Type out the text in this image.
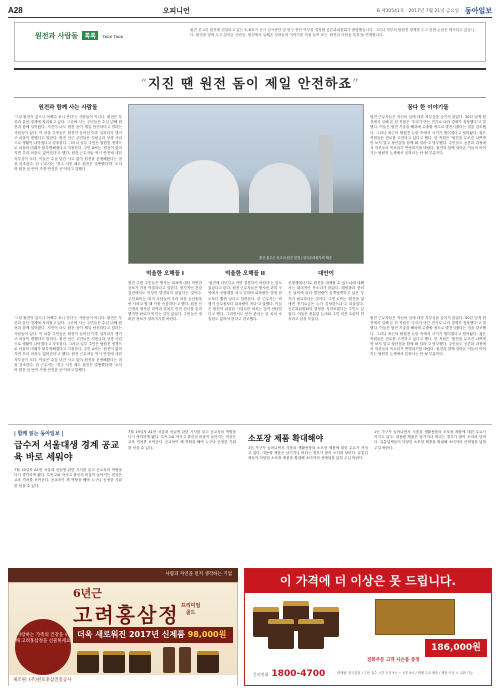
A28	오피니언	B 제30541호 · 2017년 7월 21일 금요일 동아일보
원전과 사람들 톡톡 TALK TALK
원전 신고리 원전에 건설되고 있는 5, 6호기 공사 일시중단 및 영구 중단 여부를 결정할 공론화위원회가 출범했습니다. 그러나 정부의 탈원전 정책을 두고 찬반 논란은 계속되고 있습니다. 원전을 옆에 두고 살아온 사람들, 원전에서 일해온 사람들의 이야기를 직접 들어 보는 '원전과 사람들 톡톡'을 연재합니다.
“지진 땐 원전 돔이 제일 안전하죠”
원전과 함께 사는 사람들
'그냥 원전이 있으니 어쩌다 보니 산다'는 사람들이 아니다. 원전은 부산과 울산 경계에 자리잡고 있다. 그곳에 사는 주민들은 수십 년째 원전과 함께 살아왔다. 지진이 나도 원전 돔이 제일 안전하다고 말하는 사람들이 있다. 이 마을 주민들은 원전이 들어선 이후 일자리가 생기고 마을이 변했다고 말한다. 원전 인근 주민들은 지원금과 상생 사업으로 생활이 나아졌다고 강조한다. 그러나 일부 주민은 탈원전 정책으로 마을의 미래가 불투명해졌다고 걱정한다. 주민 A씨는 '원전이 없어지면 우리 마을도 없어진다'고 했다. 원전 근무자들 역시 안전에 대한 자부심이 크다. 이들은 수십 년간 사고 없이 원전을 운영해왔다는 점을 강조한다. 한 근무자는 '경주 지진 때도 원전은 멀쩡했다'며 '오히려 원전 돔 안이 가장 안전한 곳'이라고 말했다.
울산 울주군 신고리 원전 전경 / 한국수력원자력 제공
꿈다 한 이야기들
원전 근무자들은 자신의 일에 대한 자부심을 숨기지 않았다. 30년 넘게 원전에서 일해 온 한 직원은 '우리가 만든 전기로 나라 경제가 성장했다'고 말했다. 이들은 원전 기술을 해외에 수출할 정도로 발전시켰다는 점을 강조했다. 그러나 최근의 탈원전 논란 속에서 사기가 떨어졌다고 털어놨다. 젊은 직원들은 진로를 고민하고 있다고 했다. 한 직원은 '원전을 무조건 나쁘게만 보지 말고 장단점을 함께 봐 달라'고 당부했다. 주민들도 공론화 과정에서 자신들의 목소리가 반영되기를 바랐다. 원전과 함께 살아온 이들의 이야기는 탈원전 논쟁에서 잊혀서는 안 될 부분이다.
억울한 오해들 I
원전 주변 주민들은 방사능 피폭에 대한 막연한 공포가 가장 억울하다고 말한다. 정기적인 건강검진에서도 이상이 발견되지 않았다는 것이다. 주민 B씨는 '외지 사람들이 우리 마을 농산물을 안 사려고 할 때 가장 속상하다'고 했다. 원전 인근에서 생산된 미역과 멸치도 안전 검사를 통과했지만 판로가 막히는 일이 있었다. 주민들은 정확한 정보가 알려지기를 바란다.
억울한 오해들 II
'원전에 다닌다고 하면 결혼하기 어렵다'는 말도 있었다고 한다. 원전 근무자들은 방사선 관리 구역에서 선량계를 차고 일하며 피폭량은 법정 한도보다 훨씬 낮다고 설명한다. 한 근무자는 '비행기 승무원보다 피폭량이 적다'고 말했다. 이들은 원전이 위험한 시설로만 비치는 것이 안타깝다고 했다. 그러면서도 안전 관리는 한 치의 소홀함도 없어야 한다고 강조했다.
대안이
신재생에너지로 원전을 대체할 수 있느냐에 대해서는 회의적인 목소리가 많았다. 태양광과 풍력은 날씨에 따라 발전량이 들쭉날쭉하고 넓은 부지가 필요하다는 것이다. 주민 C씨는 '원전을 없애면 전기요금은 누가 감당하느냐'고 되물었다. 공론화위원회의 결정을 지켜보겠다는 주민도 있었다. 이들은 충분한 논의와 주민 의견 수렴이 먼저라고 입을 모았다.
'그냥 원전이 있으니 어쩌다 보니 산다'는 사람들이 아니다. 원전은 부산과 울산 경계에 자리잡고 있다. 그곳에 사는 주민들은 수십 년째 원전과 함께 살아왔다. 지진이 나도 원전 돔이 제일 안전하다고 말하는 사람들이 있다. 이 마을 주민들은 원전이 들어선 이후 일자리가 생기고 마을이 변했다고 말한다. 원전 인근 주민들은 지원금과 상생 사업으로 생활이 나아졌다고 강조한다. 그러나 일부 주민은 탈원전 정책으로 마을의 미래가 불투명해졌다고 걱정한다. 주민 A씨는 '원전이 없어지면 우리 마을도 없어진다'고 했다. 원전 근무자들 역시 안전에 대한 자부심이 크다. 이들은 수십 년간 사고 없이 원전을 운영해왔다는 점을 강조한다. 한 근무자는 '경주 지진 때도 원전은 멀쩡했다'며 '오히려 원전 돔 안이 가장 안전한 곳'이라고 말했다.
원전 근무자들은 자신의 일에 대한 자부심을 숨기지 않았다. 30년 넘게 원전에서 일해 온 한 직원은 '우리가 만든 전기로 나라 경제가 성장했다'고 말했다. 이들은 원전 기술을 해외에 수출할 정도로 발전시켰다는 점을 강조했다. 그러나 최근의 탈원전 논란 속에서 사기가 떨어졌다고 털어놨다. 젊은 직원들은 진로를 고민하고 있다고 했다. 한 직원은 '원전을 무조건 나쁘게만 보지 말고 장단점을 함께 봐 달라'고 당부했다. 주민들도 공론화 과정에서 자신들의 목소리가 반영되기를 바랐다. 원전과 함께 살아온 이들의 이야기는 탈원전 논쟁에서 잊혀서는 안 될 부분이다.
| 함께 읽는 동아일보 |
급수저 서울대생 경계 공교육 바로 세워야
7월 19일자 A1면 서울대 신입생 관련 기사를 읽고 공교육의 역할을 다시 생각하게 됐다. 특목고와 자사고 출신의 비율이 높아지는 현상은 교육 격차를 보여준다. 공교육이 제 역할을 해야 누구나 공정한 기회를 얻을 수 있다.
7월 19일자 A1면 서울대 신입생 관련 기사를 읽고 공교육의 역할을 다시 생각하게 됐다. 특목고와 자사고 출신의 비율이 높아지는 현상은 교육 격차를 보여준다. 공교육이 제 역할을 해야 누구나 공정한 기회를 얻을 수 있다.
소포장 제품 확대해야
1인 가구가 늘어나면서 식품과 생활용품의 소포장 제품에 대한 수요가 커지고 있다. 대용량 제품은 남기거나 버리는 경우가 많아 오히려 낭비다. 유통업체들이 다양한 소포장 제품을 확대해 소비자의 선택권을 넓혀 주길 바란다.
1인 가구가 늘어나면서 식품과 생활용품의 소포장 제품에 대한 수요가 커지고 있다. 대용량 제품은 남기거나 버리는 경우가 많아 오히려 낭비다. 유통업체들이 다양한 소포장 제품을 확대해 소비자의 선택권을 넓혀 주길 바란다.
사람과 자연을 먼저 생각하는 기업
6년근
고려홍삼정 프리미엄
골드
더욱 새로워진 2017년 신제품 98,000원
사랑하는 가족의 건강을 위해 고려홍삼정을 선물하세요
제조원: (주)천호홍삼진흥공사
이 가격에 더 이상은 못 드립니다.
186,000원
전화주문 고객 사은품 증정
문의전화 1800-4700	판매원: 한국홍삼 / 주문 접수 시간 오전 9시 ~ 오후 6시 / 택배 무료 배송 / 제품 이상 시 교환 가능
